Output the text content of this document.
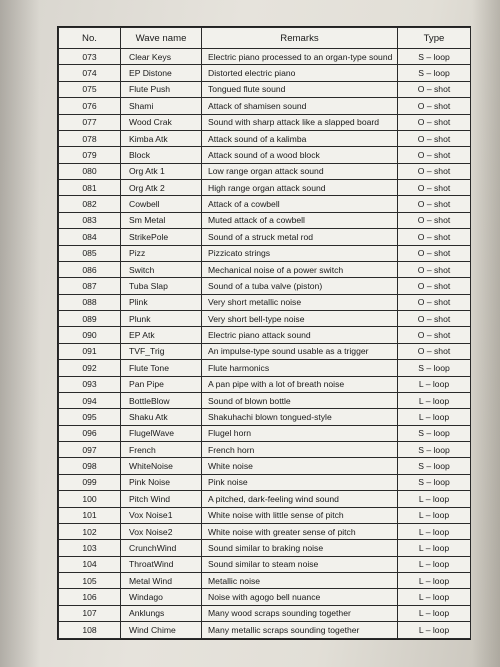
No.	Wave name	Remarks	Type
073	Clear Keys	Electric piano processed to an organ-type sound	S – loop
074	EP Distone	Distorted electric piano	S – loop
075	Flute Push	Tongued flute sound	O – shot
076	Shami	Attack of shamisen sound	O – shot
077	Wood Crak	Sound with sharp attack like a slapped board	O – shot
078	Kimba Atk	Attack sound of a kalimba	O – shot
079	Block	Attack sound of a wood block	O – shot
080	Org Atk 1	Low range organ attack sound	O – shot
081	Org Atk 2	High range organ attack sound	O – shot
082	Cowbell	Attack of a cowbell	O – shot
083	Sm Metal	Muted attack of a cowbell	O – shot
084	StrikePole	Sound of a struck metal rod	O – shot
085	Pizz	Pizzicato strings	O – shot
086	Switch	Mechanical noise of a power switch	O – shot
087	Tuba Slap	Sound of a tuba valve (piston)	O – shot
088	Plink	Very short metallic noise	O – shot
089	Plunk	Very short bell-type noise	O – shot
090	EP Atk	Electric piano attack sound	O – shot
091	TVF_Trig	An impulse-type sound usable as a trigger	O – shot
092	Flute Tone	Flute harmonics	S – loop
093	Pan Pipe	A pan pipe with a lot of breath noise	L – loop
094	BottleBlow	Sound of blown bottle	L – loop
095	Shaku Atk	Shakuhachi blown tongued-style	L – loop
096	FlugelWave	Flugel horn	S – loop
097	French	French horn	S – loop
098	WhiteNoise	White noise	S – loop
099	Pink Noise	Pink noise	S – loop
100	Pitch Wind	A pitched, dark-feeling wind sound	L – loop
101	Vox Noise1	White noise with little sense of pitch	L – loop
102	Vox Noise2	White noise with greater sense of pitch	L – loop
103	CrunchWind	Sound similar to braking noise	L – loop
104	ThroatWind	Sound similar to steam noise	L – loop
105	Metal Wind	Metallic noise	L – loop
106	Windago	Noise with agogo bell nuance	L – loop
107	Anklungs	Many wood scraps sounding together	L – loop
108	Wind Chime	Many metallic scraps sounding together	L – loop
